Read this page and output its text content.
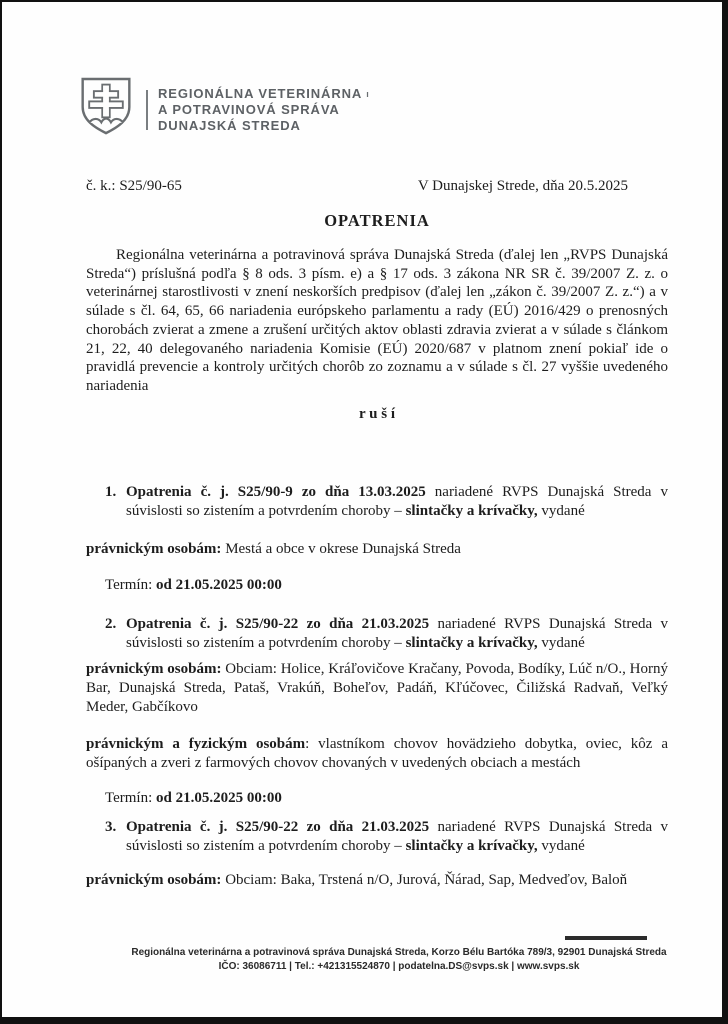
REGIONÁLNA VETERINÁRNA $^ı$
A POTRAVINOVÁ SPRÁVA
DUNAJSKÁ STREDA
č. k.: S25/90-65	V Dunajskej Strede, dňa 20.5.2025
OPATRENIA
Regionálna veterinárna a potravinová správa Dunajská Streda (ďalej len „RVPS Dunajská Streda“) príslušná podľa § 8 ods. 3 písm. e) a § 17 ods. 3 zákona NR SR č. 39/2007 Z. z. o veterinárnej starostlivosti v znení neskorších predpisov (ďalej len „zákon č. 39/2007 Z. z.“) a v súlade s čl. 64, 65, 66 nariadenia európskeho parlamentu a rady (EÚ) 2016/429 o prenosných chorobách zvierat a zmene a zrušení určitých aktov oblasti zdravia zvierat a v súlade s článkom 21, 22, 40 delegovaného nariadenia Komisie (EÚ) 2020/687 v platnom znení pokiaľ ide o pravidlá prevencie a kontroly určitých chorôb zo zoznamu a v súlade s čl. 27 vyššie uvedeného nariadenia
r u š í
1. Opatrenia č. j. S25/90-9 zo dňa 13.03.2025 nariadené RVPS Dunajská Streda v súvislosti so zistením a potvrdením choroby – slintačky a krívačky, vydané
právnickým osobám: Mestá a obce v okrese Dunajská Streda
Termín: od 21.05.2025 00:00
2. Opatrenia č. j. S25/90-22 zo dňa 21.03.2025 nariadené RVPS Dunajská Streda v súvislosti so zistením a potvrdením choroby – slintačky a krívačky, vydané
právnickým osobám: Obciam: Holice, Kráľovičove Kračany, Povoda, Bodíky, Lúč n/O., Horný Bar, Dunajská Streda, Pataš, Vrakúň, Boheľov, Padáň, Kľúčovec, Čiližská Radvaň, Veľký Meder, Gabčíkovo
právnickým a fyzickým osobám: vlastníkom chovov hovädzieho dobytka, oviec, kôz a ošípaných a zveri z farmových chovov chovaných v uvedených obciach a mestách
Termín: od 21.05.2025 00:00
3. Opatrenia č. j. S25/90-22 zo dňa 21.03.2025 nariadené RVPS Dunajská Streda v súvislosti so zistením a potvrdením choroby – slintačky a krívačky, vydané
právnickým osobám: Obciam: Baka, Trstená n/O, Jurová, Ňárad, Sap, Medveďov, Baloň
Regionálna veterinárna a potravinová správa Dunajská Streda, Korzo Bélu Bartóka 789/3, 92901 Dunajská Streda
IČO: 36086711 | Tel.: +421315524870 | podatelna.DS@svps.sk | www.svps.sk
